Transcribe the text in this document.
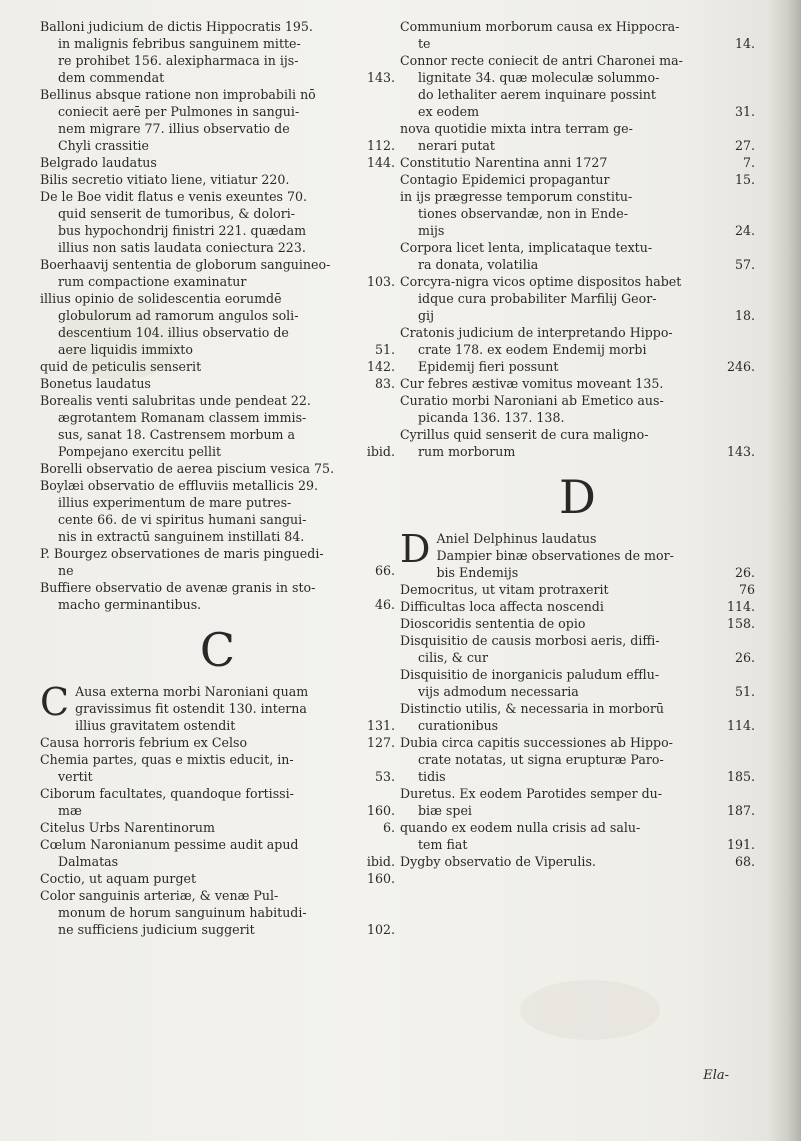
Balloni judicium de dictis Hippocratis 195.
in malignis febribus sanguinem mitte-
re prohibet 156. alexipharmaca in ijs-
dem commendat	143.

Bellinus absque ratione non improbabili nō
coniecit aerē per Pulmones in sangui-
nem migrare 77. illius observatio de
Chyli crassitie	112.

Belgrado laudatus	144.

Bilis secretio vitiato liene, vitiatur 220.

De le Boe vidit flatus e venis exeuntes 70.
quid senserit de tumoribus, & dolori-
bus hypochondrij finistri 221. quædam
illius non satis laudata coniectura 223.

Boerhaavij sententia de globorum sanguineo-
rum compactione examinatur	103.

illius opinio de solidescentia eorumdē
globulorum ad ramorum angulos soli-
descentium 104. illius observatio de
aere liquidis immixto	51.

quid de peticulis senserit	142.

Bonetus laudatus	83.

Borealis venti salubritas unde pendeat 22.
ægrotantem Romanam classem immis-
sus, sanat 18. Castrensem morbum a
Pompejano exercitu pellit	ibid.

Borelli observatio de aerea piscium vesica 75.

Boylæi observatio de effluviis metallicis 29.
illius experimentum de mare putres-
cente 66. de vi spiritus humani sangui-
nis in extractū sanguinem instillati 84.

P. Bourgez observationes de maris pinguedi-
ne	66.

Buffiere observatio de avenæ granis in sto-
macho germinantibus.	46.

C

C Ausa externa morbi Naroniani quam
gravissimus fit ostendit 130. interna
illius gravitatem ostendit	131.

Causa horroris febrium ex Celso	127.

Chemia partes, quas e mixtis educit, in-
vertit	53.

Ciborum facultates, quandoque fortissi-
mæ	160.

Citelus Urbs Narentinorum	6.

Cœlum Naronianum pessime audit apud
Dalmatas	ibid.

Coctio, ut aquam purget	160.

Color sanguinis arteriæ, & venæ Pul-
monum de horum sanguinum habitudi-
ne sufficiens judicium suggerit	102.

Communium morborum causa ex Hippocra-
te	14.

Connor recte coniecit de antri Charonei ma-
lignitate 34. quæ moleculæ solummo-
do lethaliter aerem inquinare possint
ex eodem	31.

nova quotidie mixta intra terram ge-
nerari putat	27.

Constitutio Narentina anni 1727	7.

Contagio Epidemici propagantur	15.

in ijs prægresse temporum constitu-
tiones observandæ, non in Ende-
mijs	24.

Corpora licet lenta, implicataque textu-
ra donata, volatilia	57.

Corcyra-nigra vicos optime dispositos habet
idque cura probabiliter Marfilij Geor-
gij	18.

Cratonis judicium de interpretando Hippo-
crate 178. ex eodem Endemij morbi
Epidemij fieri possunt	246.

Cur febres æstivæ vomitus moveant 135.

Curatio morbi Naroniani ab Emetico aus-
picanda 136. 137. 138.

Cyrillus quid senserit de cura maligno-
rum morborum	143.

D

D Aniel Delphinus laudatus
Dampier binæ observationes de mor-
bis Endemijs	26.

Democritus, ut vitam protraxerit	76

Difficultas loca affecta noscendi	114.

Dioscoridis sententia de opio	158.

Disquisitio de causis morbosi aeris, diffi-
cilis, & cur	26.

Disquisitio de inorganicis paludum efflu-
vijs admodum necessaria	51.

Distinctio utilis, & necessaria in morborū
curationibus	114.

Dubia circa capitis successiones ab Hippo-
crate notatas, ut signa erupturæ Paro-
tidis	185.

Duretus. Ex eodem Parotides semper du-
biæ spei	187.

quando ex eodem nulla crisis ad salu-
tem fiat	191.

Dygby observatio de Viperulis.	68.

Ela-
